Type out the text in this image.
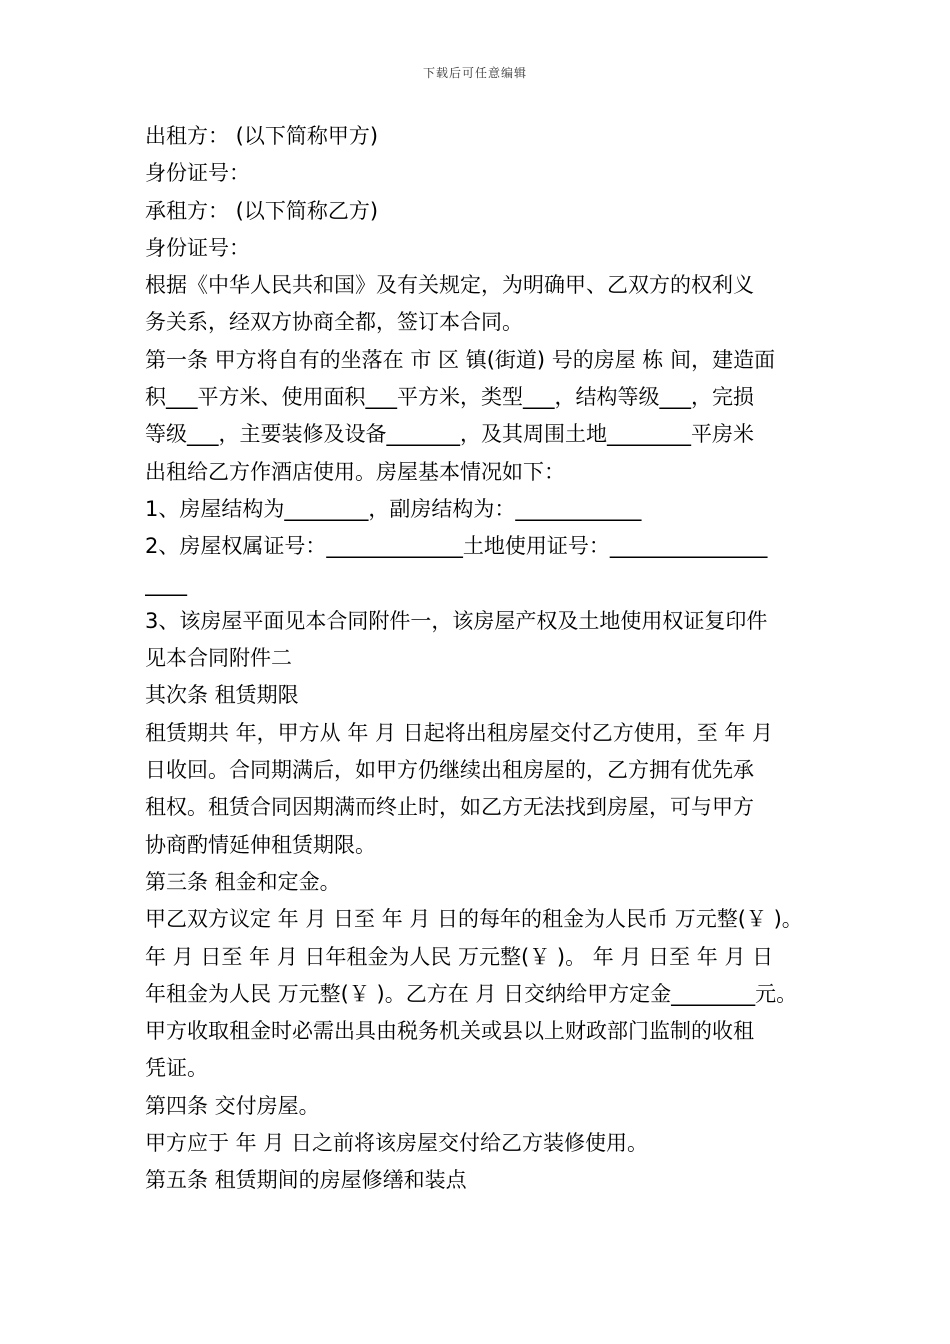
下载后可任意编辑
出租方： (以下简称甲方)
身份证号：
承租方： (以下简称乙方)
身份证号：
根据《中华人民共和国》及有关规定，为明确甲、乙双方的权利义
务关系，经双方协商全都，签订本合同。
第一条 甲方将自有的坐落在 市 区 镇(街道) 号的房屋 栋 间，建造面
积___平方米、使用面积___平方米，类型___，结构等级___，完损
等级___，主要装修及设备_______，及其周围土地________平房米
出租给乙方作酒店使用。房屋基本情况如下：
1、房屋结构为________，副房结构为：____________
2、房屋权属证号：_____________土地使用证号：_______________
____
3、该房屋平面见本合同附件一，该房屋产权及土地使用权证复印件
见本合同附件二
其次条 租赁期限
租赁期共 年，甲方从 年 月 日起将出租房屋交付乙方使用，至 年 月
日收回。合同期满后，如甲方仍继续出租房屋的，乙方拥有优先承
租权。租赁合同因期满而终止时，如乙方无法找到房屋，可与甲方
协商酌情延伸租赁期限。
第三条 租金和定金。
甲乙双方议定 年 月 日至 年 月 日的每年的租金为人民币 万元整(￥ )。
年 月 日至 年 月 日年租金为人民 万元整(￥ )。 年 月 日至 年 月 日
年租金为人民 万元整(￥ )。乙方在 月 日交纳给甲方定金________元。
甲方收取租金时必需出具由税务机关或县以上财政部门监制的收租
凭证。
第四条 交付房屋。
甲方应于 年 月 日之前将该房屋交付给乙方装修使用。
第五条 租赁期间的房屋修缮和装点
